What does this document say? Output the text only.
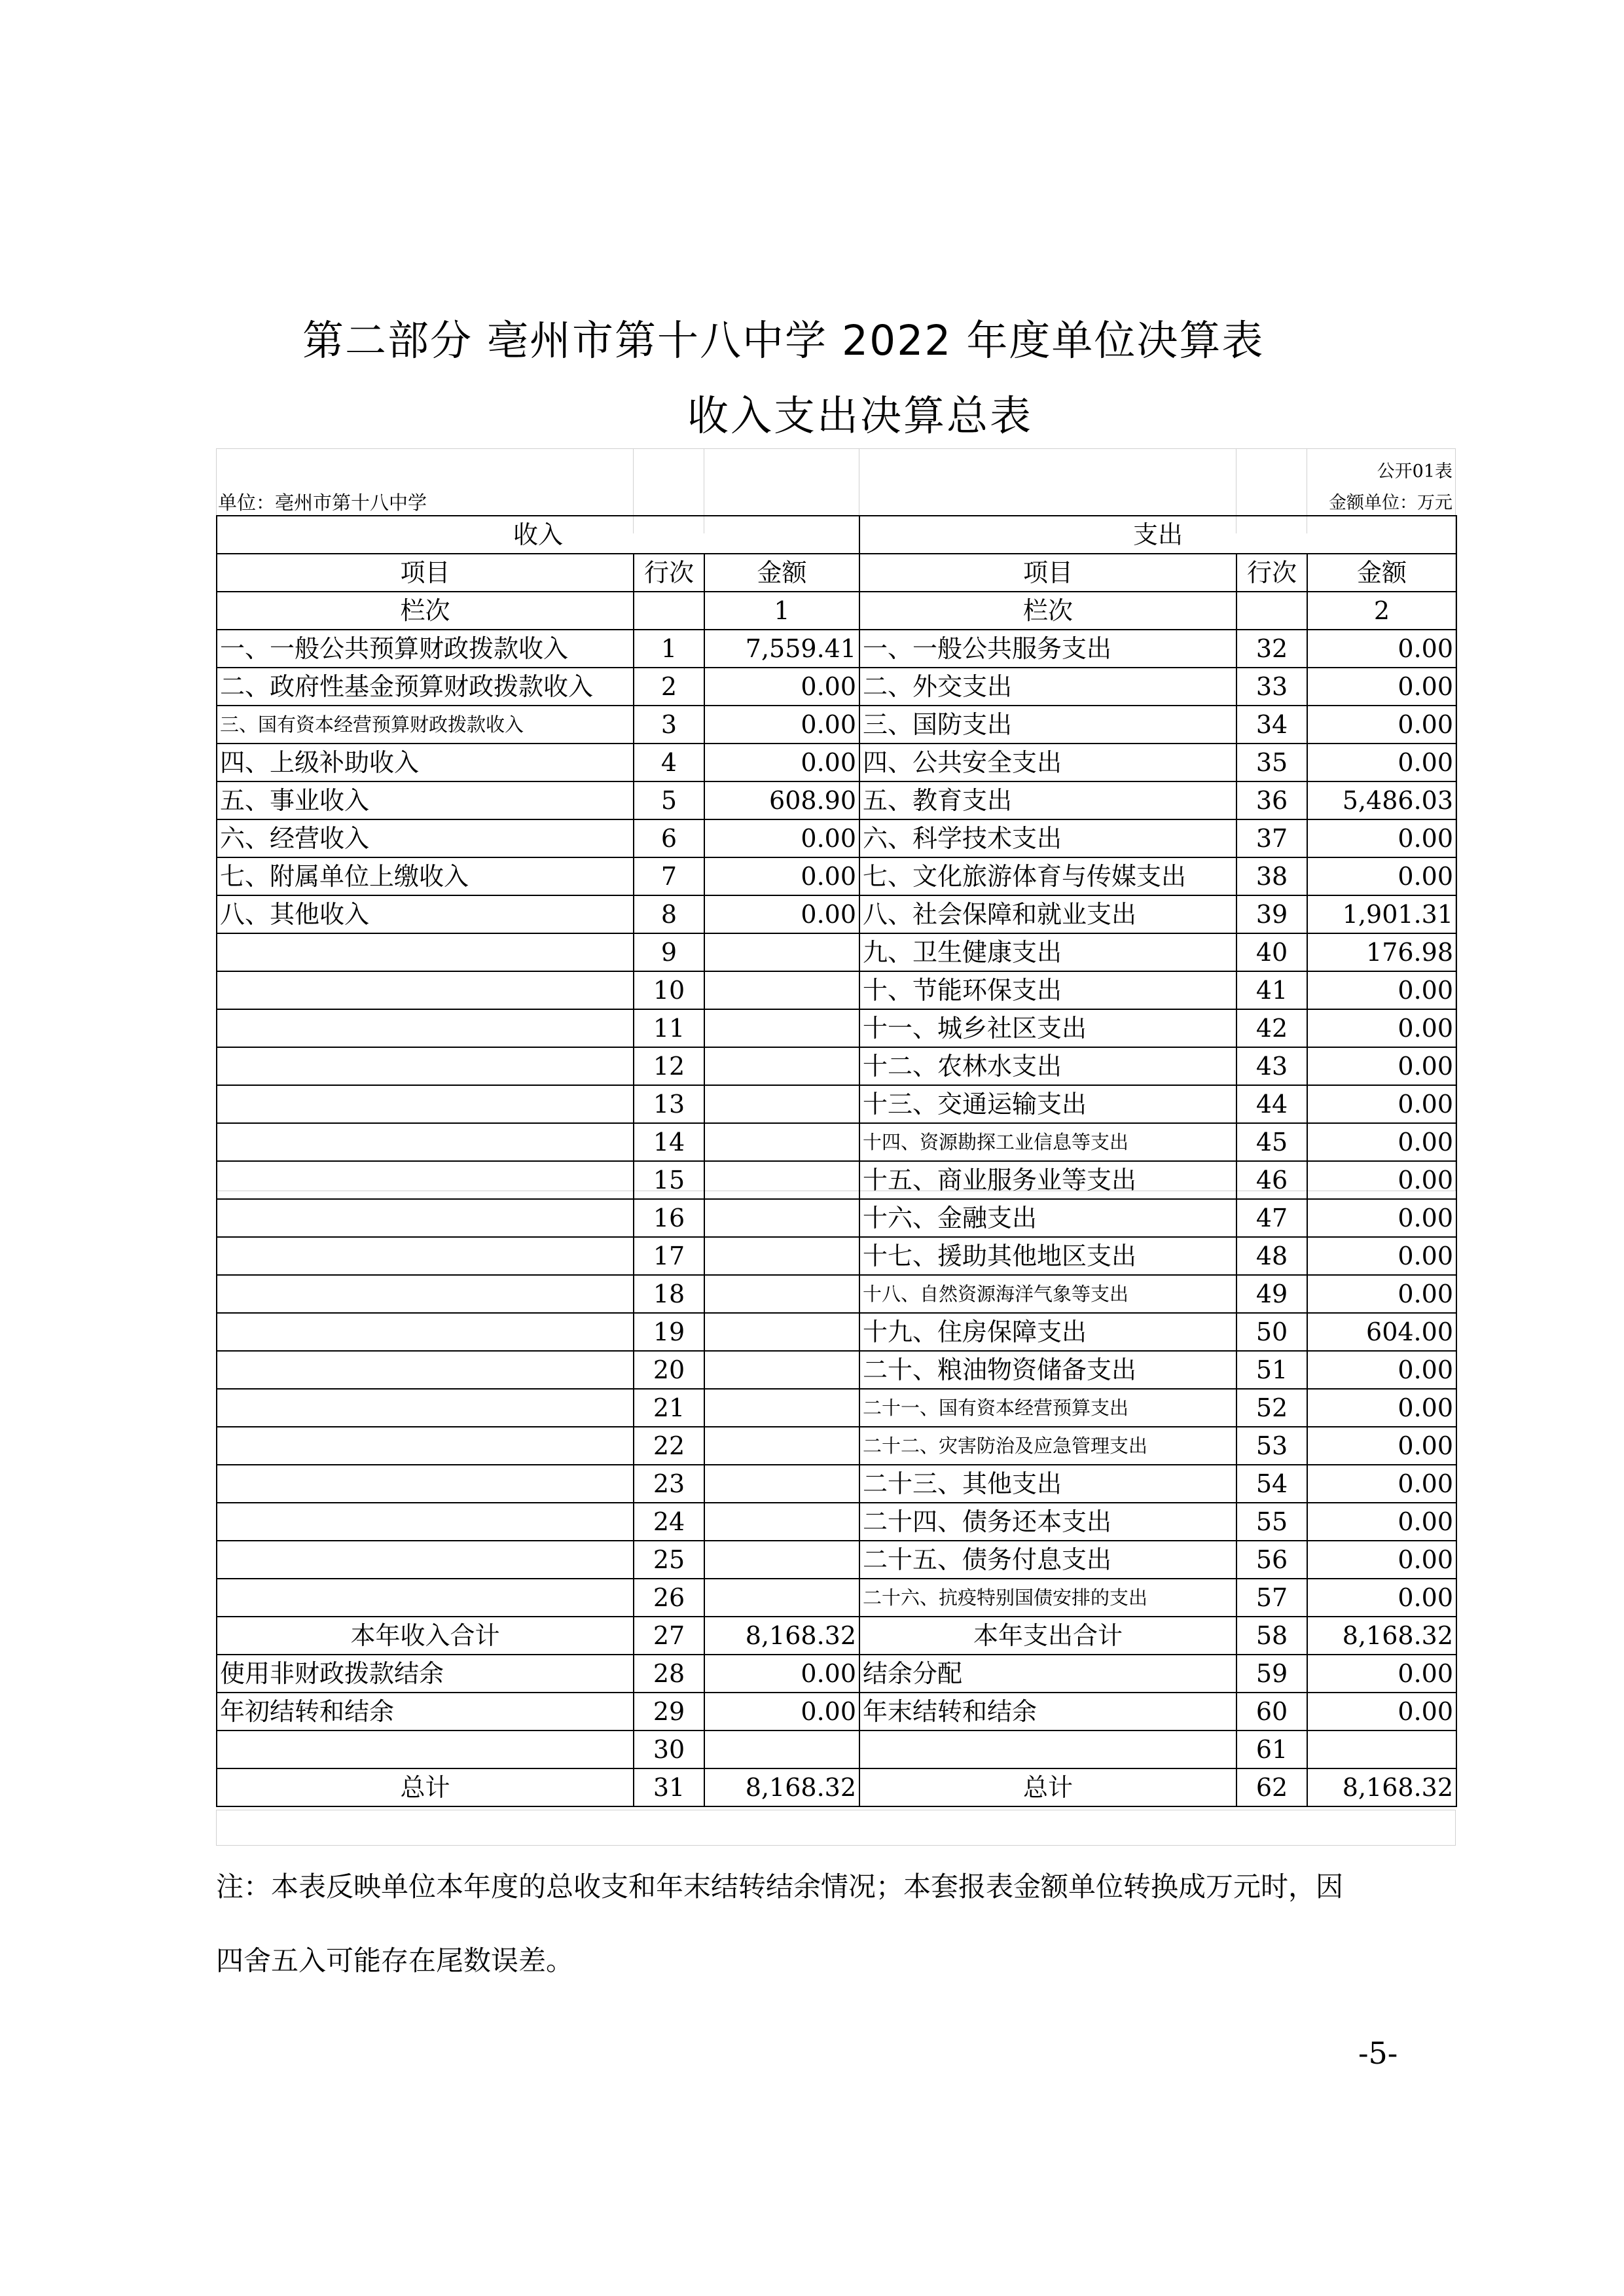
第二部分 亳州市第十八中学 2022 年度单位决算表
收入支出决算总表
公开01表
单位：亳州市第十八中学	金额单位：万元
收入			支出		
项目	行次	金额	项目	行次	金额
栏次		1	栏次		2
一、一般公共预算财政拨款收入	1	7,559.41	一、一般公共服务支出	32	0.00
二、政府性基金预算财政拨款收入	2	0.00	二、外交支出	33	0.00
三、国有资本经营预算财政拨款收入	3	0.00	三、国防支出	34	0.00
四、上级补助收入	4	0.00	四、公共安全支出	35	0.00
五、事业收入	5	608.90	五、教育支出	36	5,486.03
六、经营收入	6	0.00	六、科学技术支出	37	0.00
七、附属单位上缴收入	7	0.00	七、文化旅游体育与传媒支出	38	0.00
八、其他收入	8	0.00	八、社会保障和就业支出	39	1,901.31
	9		九、卫生健康支出	40	176.98
	10		十、节能环保支出	41	0.00
	11		十一、城乡社区支出	42	0.00
	12		十二、农林水支出	43	0.00
	13		十三、交通运输支出	44	0.00
	14		十四、资源勘探工业信息等支出	45	0.00
	15		十五、商业服务业等支出	46	0.00
	16		十六、金融支出	47	0.00
	17		十七、援助其他地区支出	48	0.00
	18		十八、自然资源海洋气象等支出	49	0.00
	19		十九、住房保障支出	50	604.00
	20		二十、粮油物资储备支出	51	0.00
	21		二十一、国有资本经营预算支出	52	0.00
	22		二十二、灾害防治及应急管理支出	53	0.00
	23		二十三、其他支出	54	0.00
	24		二十四、债务还本支出	55	0.00
	25		二十五、债务付息支出	56	0.00
	26		二十六、抗疫特别国债安排的支出	57	0.00
本年收入合计	27	8,168.32	本年支出合计	58	8,168.32
使用非财政拨款结余	28	0.00	结余分配	59	0.00
年初结转和结余	29	0.00	年末结转和结余	60	0.00
	30			61	
总计	31	8,168.32	总计	62	8,168.32
注：本表反映单位本年度的总收支和年末结转结余情况；本套报表金额单位转换成万元时，因
四舍五入可能存在尾数误差。
-5-
